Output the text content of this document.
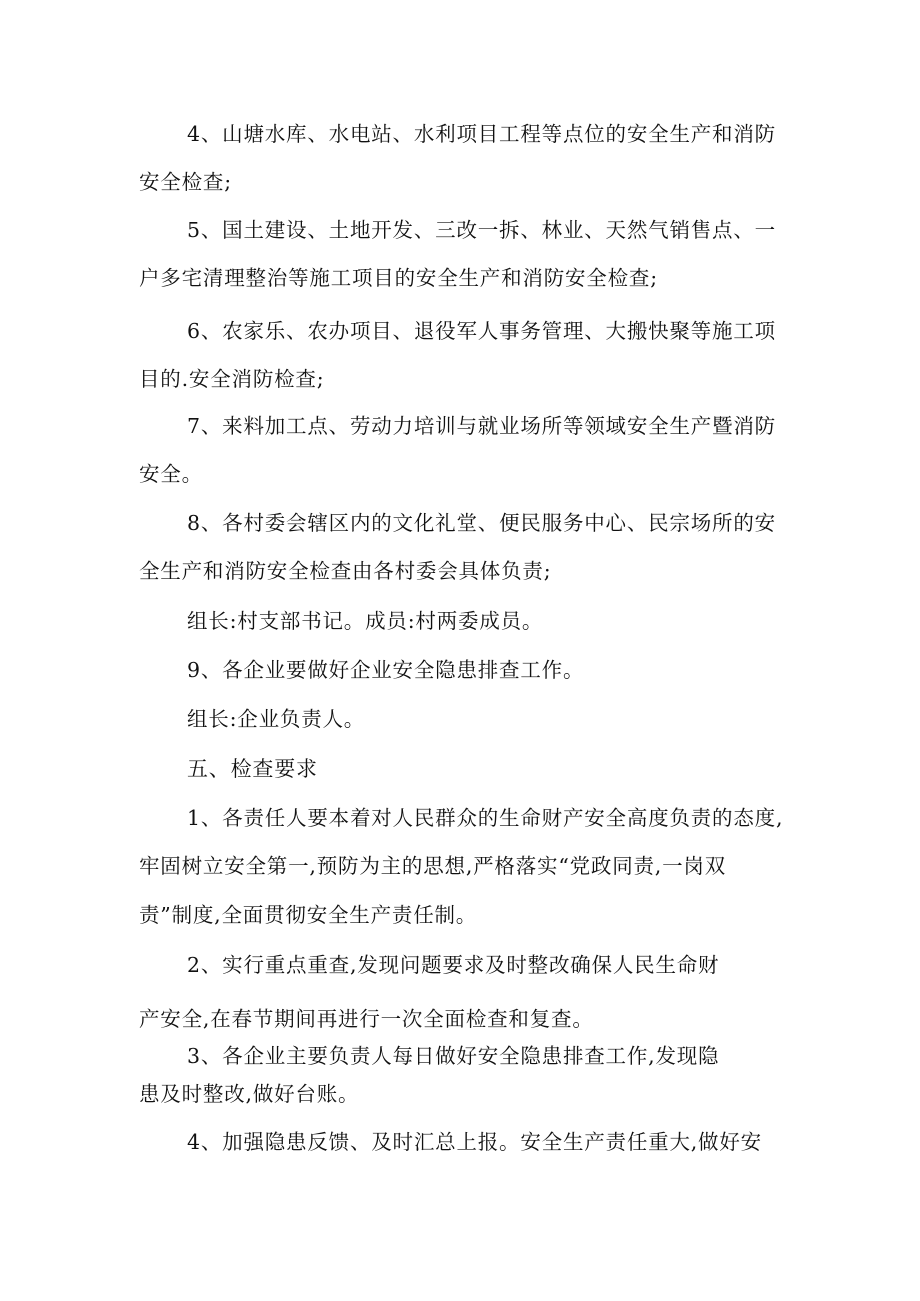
4、山塘水库、水电站、水利项目工程等点位的安全生产和消防
安全检查;
5、国土建设、土地开发、三改一拆、林业、天然气销售点、一
户多宅清理整治等施工项目的安全生产和消防安全检查;
6、农家乐、农办项目、退役军人事务管理、大搬快聚等施工项
目的.安全消防检查;
7、来料加工点、劳动力培训与就业场所等领域安全生产暨消防
安全。
8、各村委会辖区内的文化礼堂、便民服务中心、民宗场所的安
全生产和消防安全检查由各村委会具体负责;
组长:村支部书记。成员:村两委成员。
9、各企业要做好企业安全隐患排查工作。
组长:企业负责人。
五、检查要求
1、各责任人要本着对人民群众的生命财产安全高度负责的态度,
牢固树立安全第一,预防为主的思想,严格落实“党政同责,一岗双
责”制度,全面贯彻安全生产责任制。
2、实行重点重查,发现问题要求及时整改确保人民生命财
产安全,在春节期间再进行一次全面检查和复查。
3、各企业主要负责人每日做好安全隐患排查工作,发现隐
患及时整改,做好台账。
4、加强隐患反馈、及时汇总上报。安全生产责任重大,做好安
